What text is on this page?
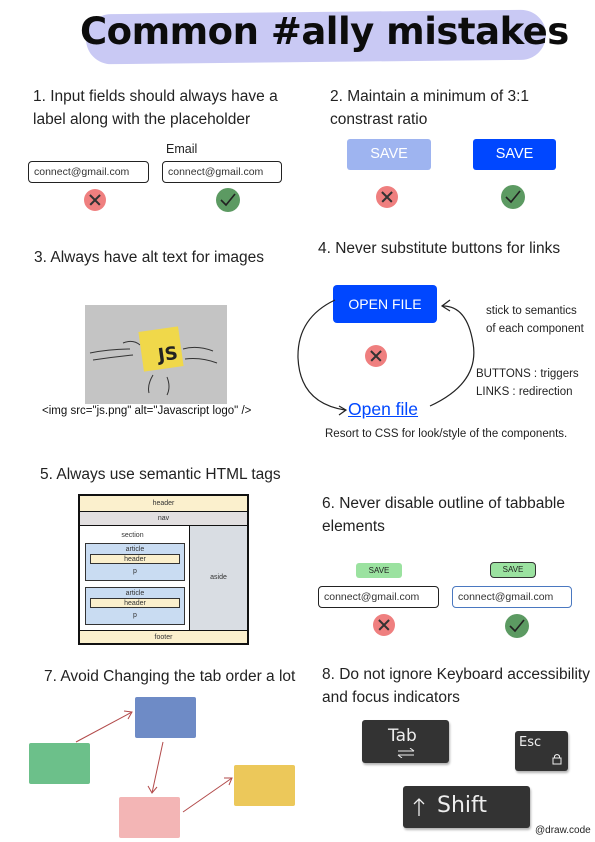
Common #ally mistakes
1. Input fields should always have a
label along with the placeholder
Email
connect@gmail.com	connect@gmail.com
2. Maintain a minimum of 3:1
constrast ratio
SAVE	SAVE
3. Always have alt text for images
JS
<img src="js.png" alt="Javascript logo" />
4. Never substitute buttons for links
OPEN FILE
Open file
stick to semantics
of each component
BUTTONS : triggers
LINKS : redirection
Resort to CSS for look/style of the components.
5. Always use semantic HTML tags
header
nav
section
article
header
p
article
header
p
aside
footer
6. Never disable outline of tabbable
elements
SAVE	SAVE
connect@gmail.com	connect@gmail.com
7. Avoid Changing the tab order a lot 8. Do not ignore Keyboard accessibility
and focus indicators
Tab	Esc
Shift
@draw.code
